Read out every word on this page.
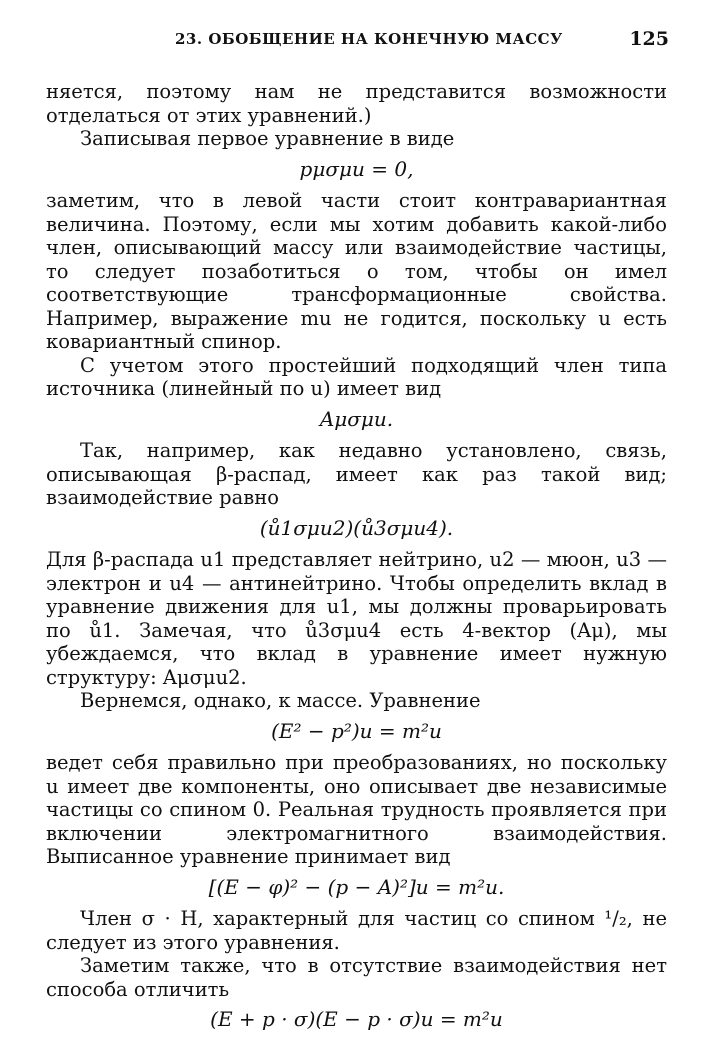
23. ОБОБЩЕНИЕ НА КОНЕЧНУЮ МАССУ	125

няется, поэтому нам не представится возможности отделаться от этих уравнений.)

Записывая первое уравнение в виде

pμσμu = 0,

заметим, что в левой части стоит контравариантная величина. Поэтому, если мы хотим добавить какой-либо член, описывающий массу или взаимодействие частицы, то следует позаботиться о том, чтобы он имел соответствующие трансформационные свойства. Например, выражение mu не годится, поскольку u есть ковариантный спинор.

С учетом этого простейший подходящий член типа источника (линейный по u) имеет вид

Aμσμu.

Так, например, как недавно установлено, связь, описывающая β-распад, имеет как раз такой вид; взаимодействие равно

(ů1σμu2)(ů3σμu4).

Для β-распада u1 представляет нейтрино, u2 — мюон, u3 — электрон и u4 — антинейтрино. Чтобы определить вклад в уравнение движения для u1, мы должны проварьировать по ů1. Замечая, что ů3σμu4 есть 4-вектор (Aμ), мы убеждаемся, что вклад в уравнение имеет нужную структуру: Aμσμu2.

Вернемся, однако, к массе. Уравнение

(E² − p²)u = m²u

ведет себя правильно при преобразованиях, но поскольку u имеет две компоненты, оно описывает две независимые частицы со спином 0. Реальная трудность проявляется при включении электромагнитного взаимодействия. Выписанное уравнение принимает вид

[(E − φ)² − (p − A)²]u = m²u.

Член σ · H, характерный для частиц со спином ¹/₂, не следует из этого уравнения.

Заметим также, что в отсутствие взаимодействия нет способа отличить

(E + p · σ)(E − p · σ)u = m²u
